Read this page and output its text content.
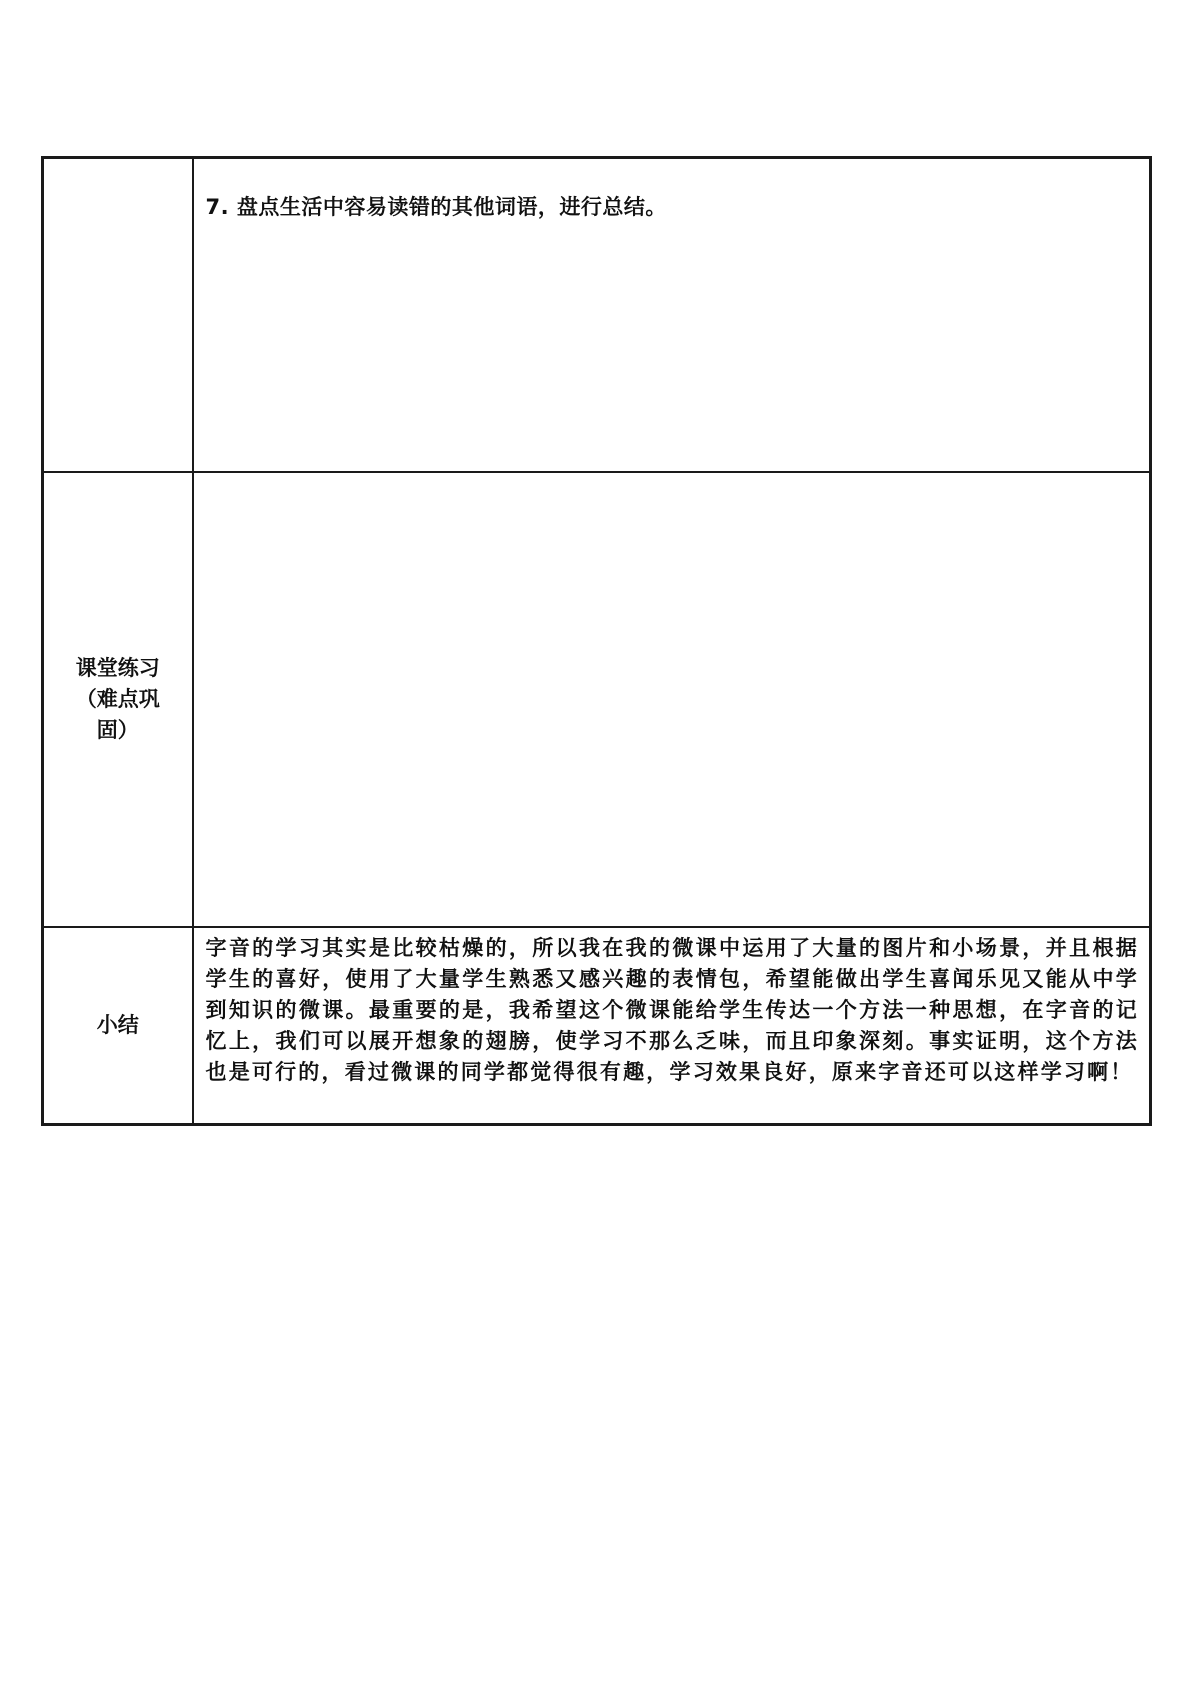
	7. 盘点生活中容易读错的其他词语，进行总结。

课堂练习（难点巩固）	

小结	字音的学习其实是比较枯燥的，所以我在我的微课中运用了大量的图片和小场景，并且根据学生的喜好，使用了大量学生熟悉又感兴趣的表情包，希望能做出学生喜闻乐见又能从中学到知识的微课。最重要的是，我希望这个微课能给学生传达一个方法一种思想，在字音的记忆上，我们可以展开想象的翅膀，使学习不那么乏味，而且印象深刻。事实证明，这个方法也是可行的，看过微课的同学都觉得很有趣，学习效果良好，原来字音还可以这样学习啊！
